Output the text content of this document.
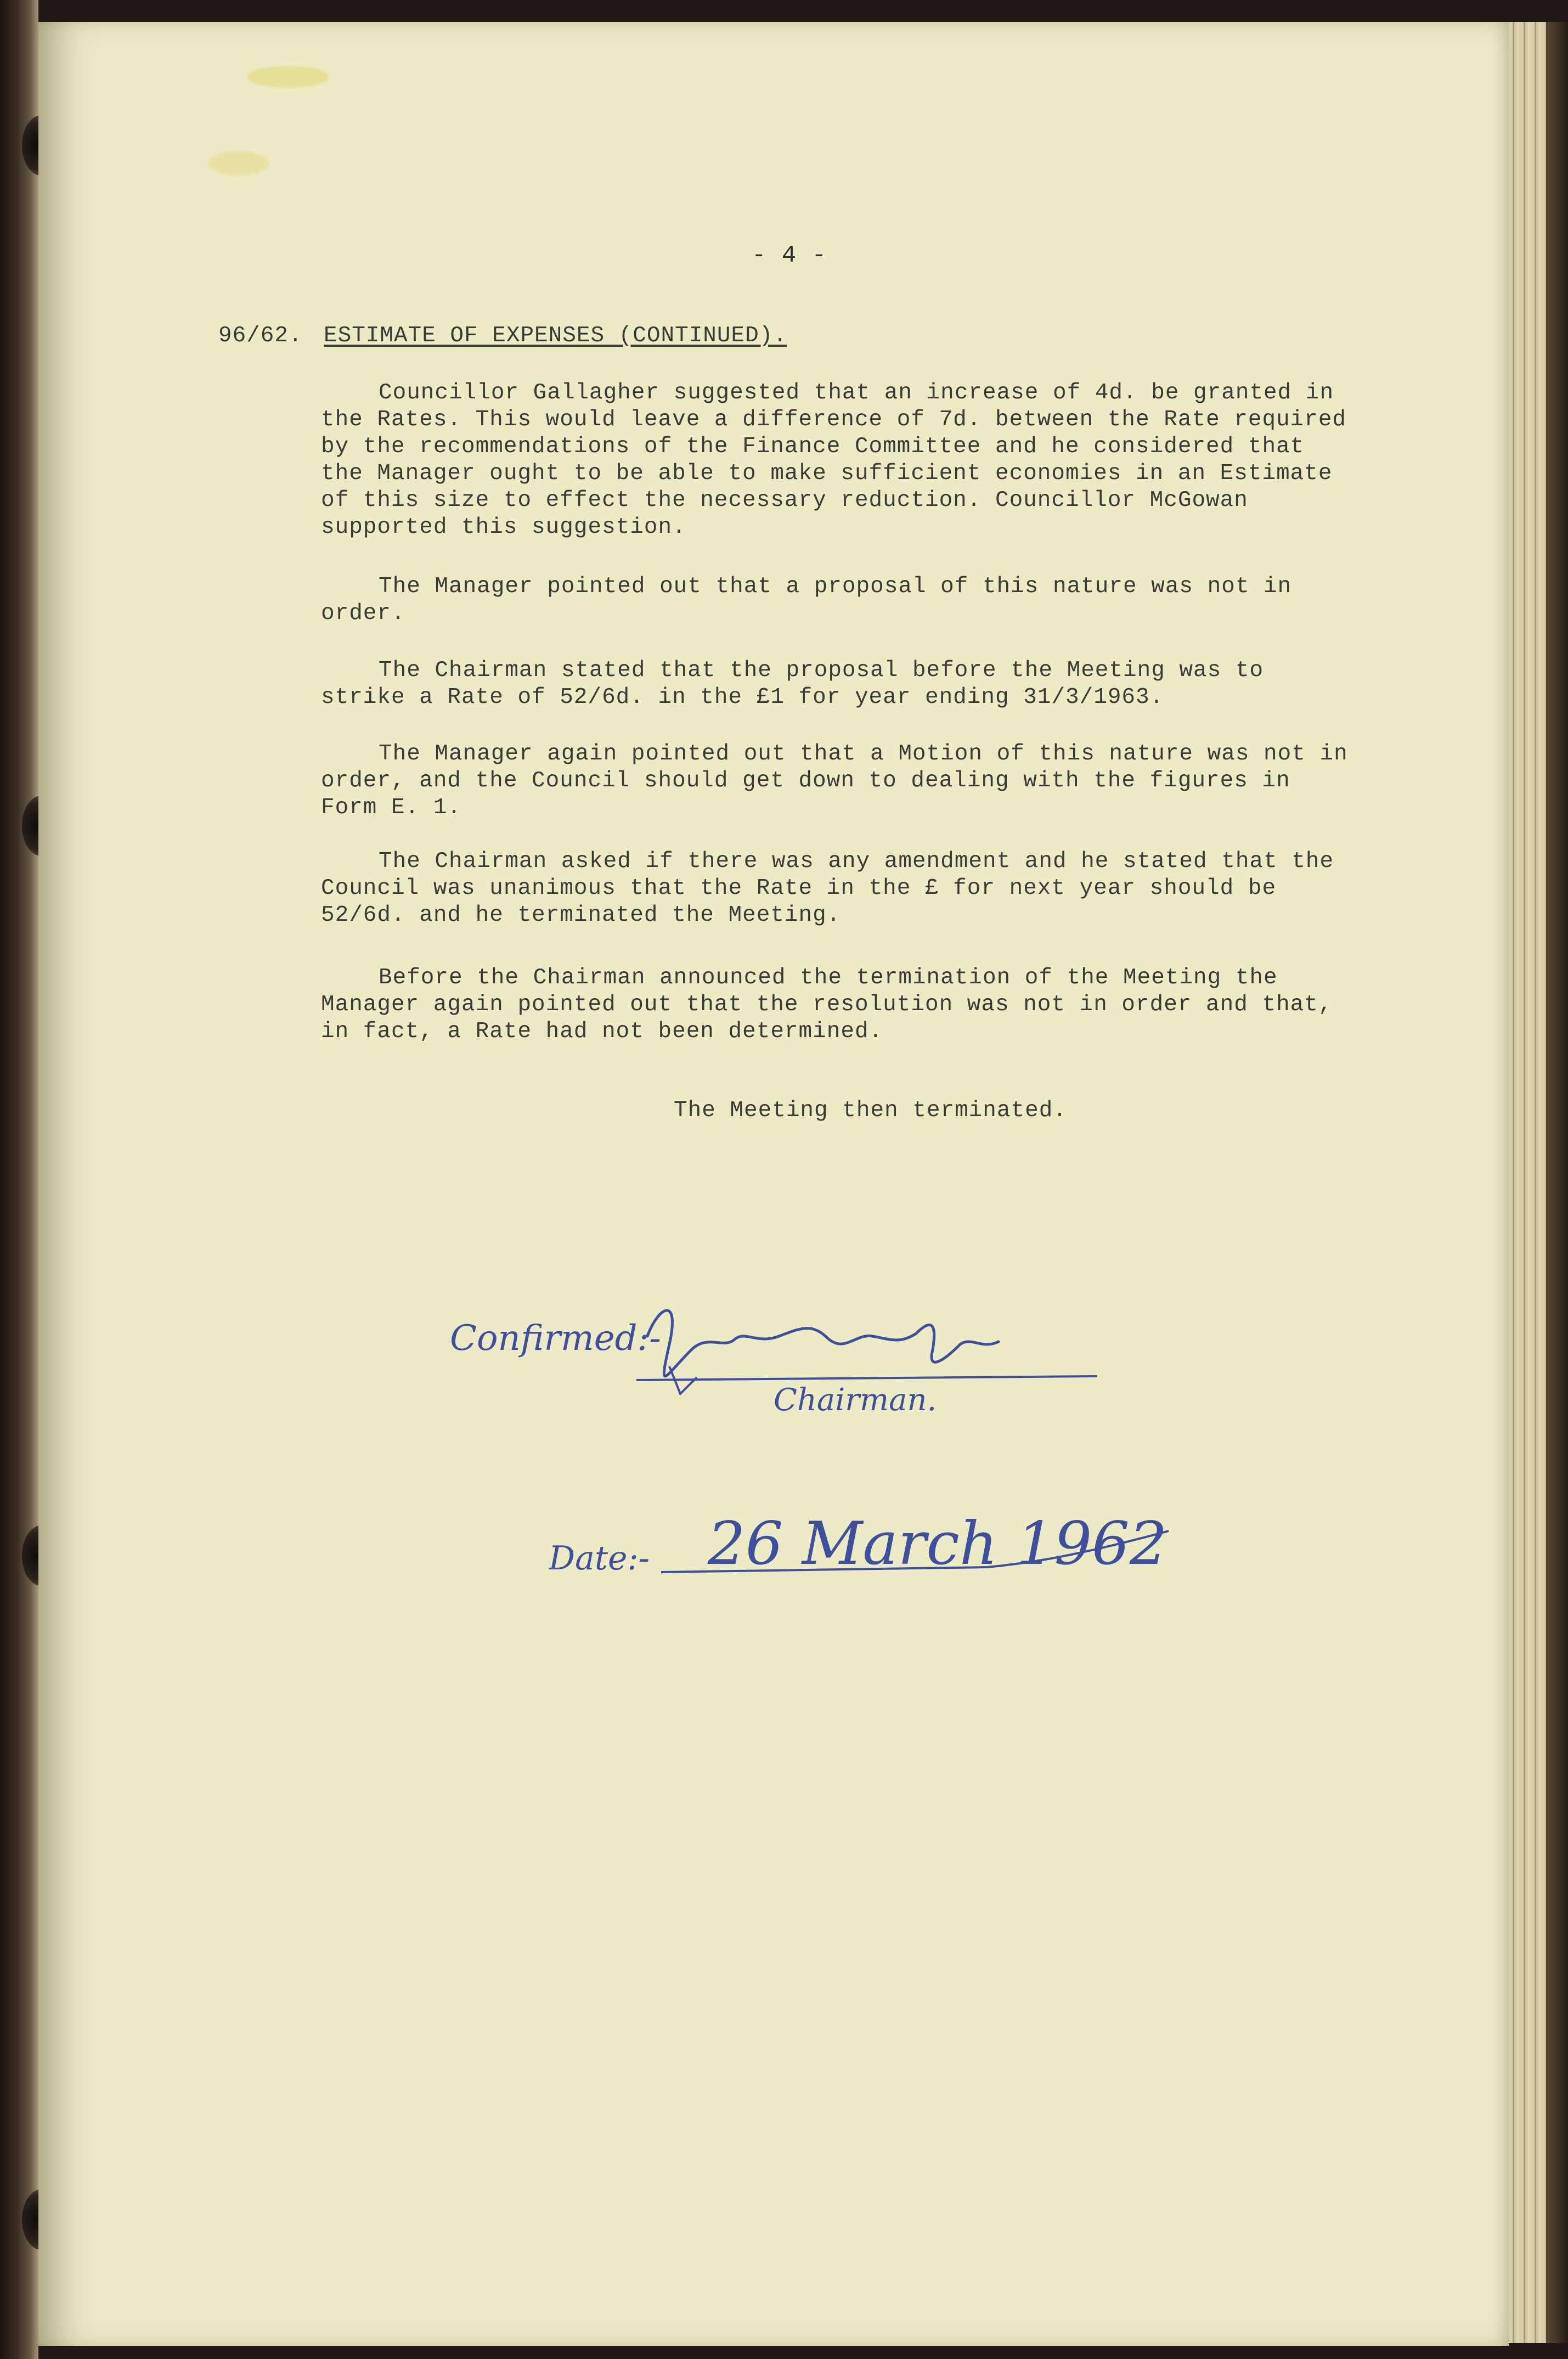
- 4 -
96/62. ESTIMATE OF EXPENSES (CONTINUED).

Councillor Gallagher suggested that an increase of 4d. be granted in the Rates. This would leave a difference of 7d. between the Rate required by the recommendations of the Finance Committee and he considered that the Manager ought to be able to make sufficient economies in an Estimate of this size to effect the necessary reduction. Councillor McGowan supported this suggestion.

The Manager pointed out that a proposal of this nature was not in order.

The Chairman stated that the proposal before the Meeting was to strike a Rate of 52/6d. in the £1 for year ending 31/3/1963.

The Manager again pointed out that a Motion of this nature was not in order, and the Council should get down to dealing with the figures in Form E. 1.

The Chairman asked if there was any amendment and he stated that the Council was unanimous that the Rate in the £ for next year should be 52/6d. and he terminated the Meeting.

Before the Chairman announced the termination of the Meeting the Manager again pointed out that the resolution was not in order and that, in fact, a Rate had not been determined.

The Meeting then terminated.
Confirmed:-
Chairman.
Date:- 26 March 1962
